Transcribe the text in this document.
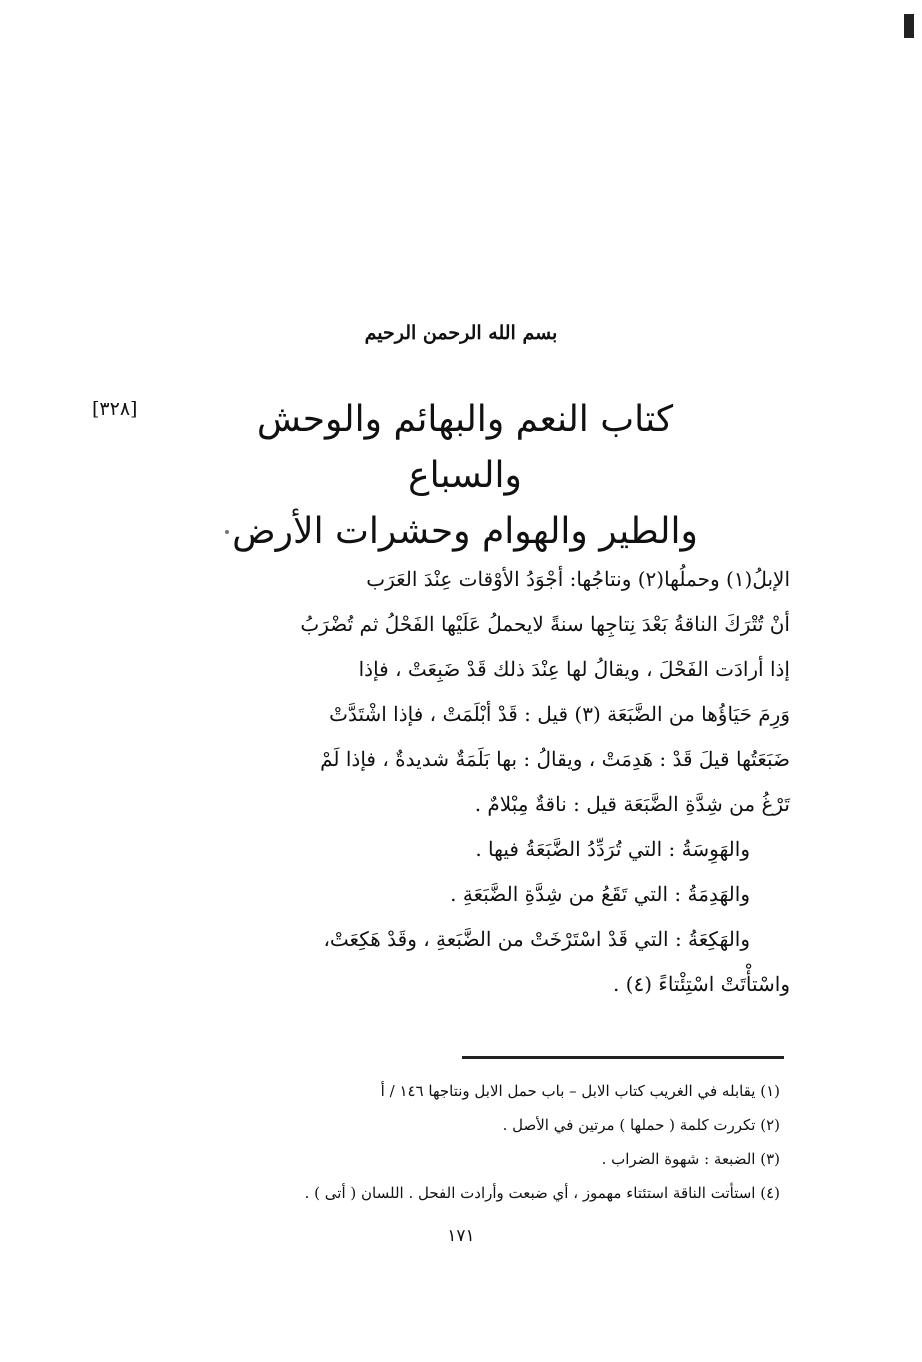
بسم الله الرحمن الرحيم
[٣٢٨]	كتاب النعم والبهائم والوحش والسباع
والطير والهوام وحشرات الأرض

الإبلُ(١) وحملُها(٢) ونتاجُها: أجْوَدُ الأوْقات عِنْدَ العَرَب

أنْ تُتْرَكَ الناقةُ بَعْدَ نِتاجِها سنةً لايحملُ عَلَيْها الفَحْلُ ثم تُضْرَبُ

إذا أرادَت الفَحْلَ ، ويقالُ لها عِنْدَ ذلك قَدْ ضَبِعَتْ ، فإذا

وَرِمَ حَيَاؤُها من الضَّبَعَة (٣) قيل : قَدْ أبْلَمَتْ ، فإذا اشْتَدَّتْ

ضَبَعَتُها قيلَ قَدْ : هَدِمَتْ ، ويقالُ : بها بَلَمَةٌ شديدةٌ ، فإذا لَمْ

تَرْغُ من شِدَّةِ الضَّبَعَة قيل : ناقةٌ مِبْلامٌ .

والهَوِسَةُ : التي تُرَدِّدُ الضَّبَعَةُ فيها .

والهَدِمَةُ : التي تَقَعُ من شِدَّةِ الضَّبَعَةِ .

والهَكِعَةُ : التي قَدْ اسْتَرْخَتْ من الضَّبَعةِ ، وقَدْ هَكِعَتْ،

واسْتأْتَتْ اسْتِئْتاءً (٤) .

(١) يقابله في الغريب كتاب الابل – باب حمل الابل ونتاجها ١٤٦ / أ
(٢) تكررت كلمة ( حملها ) مرتين في الأصل .
(٣) الضبعة : شهوة الضراب .
(٤) استأتت الناقة استئتاء مهموز ، أي ضبعت وأرادت الفحل . اللسان ( أتى ) .
١٧١
